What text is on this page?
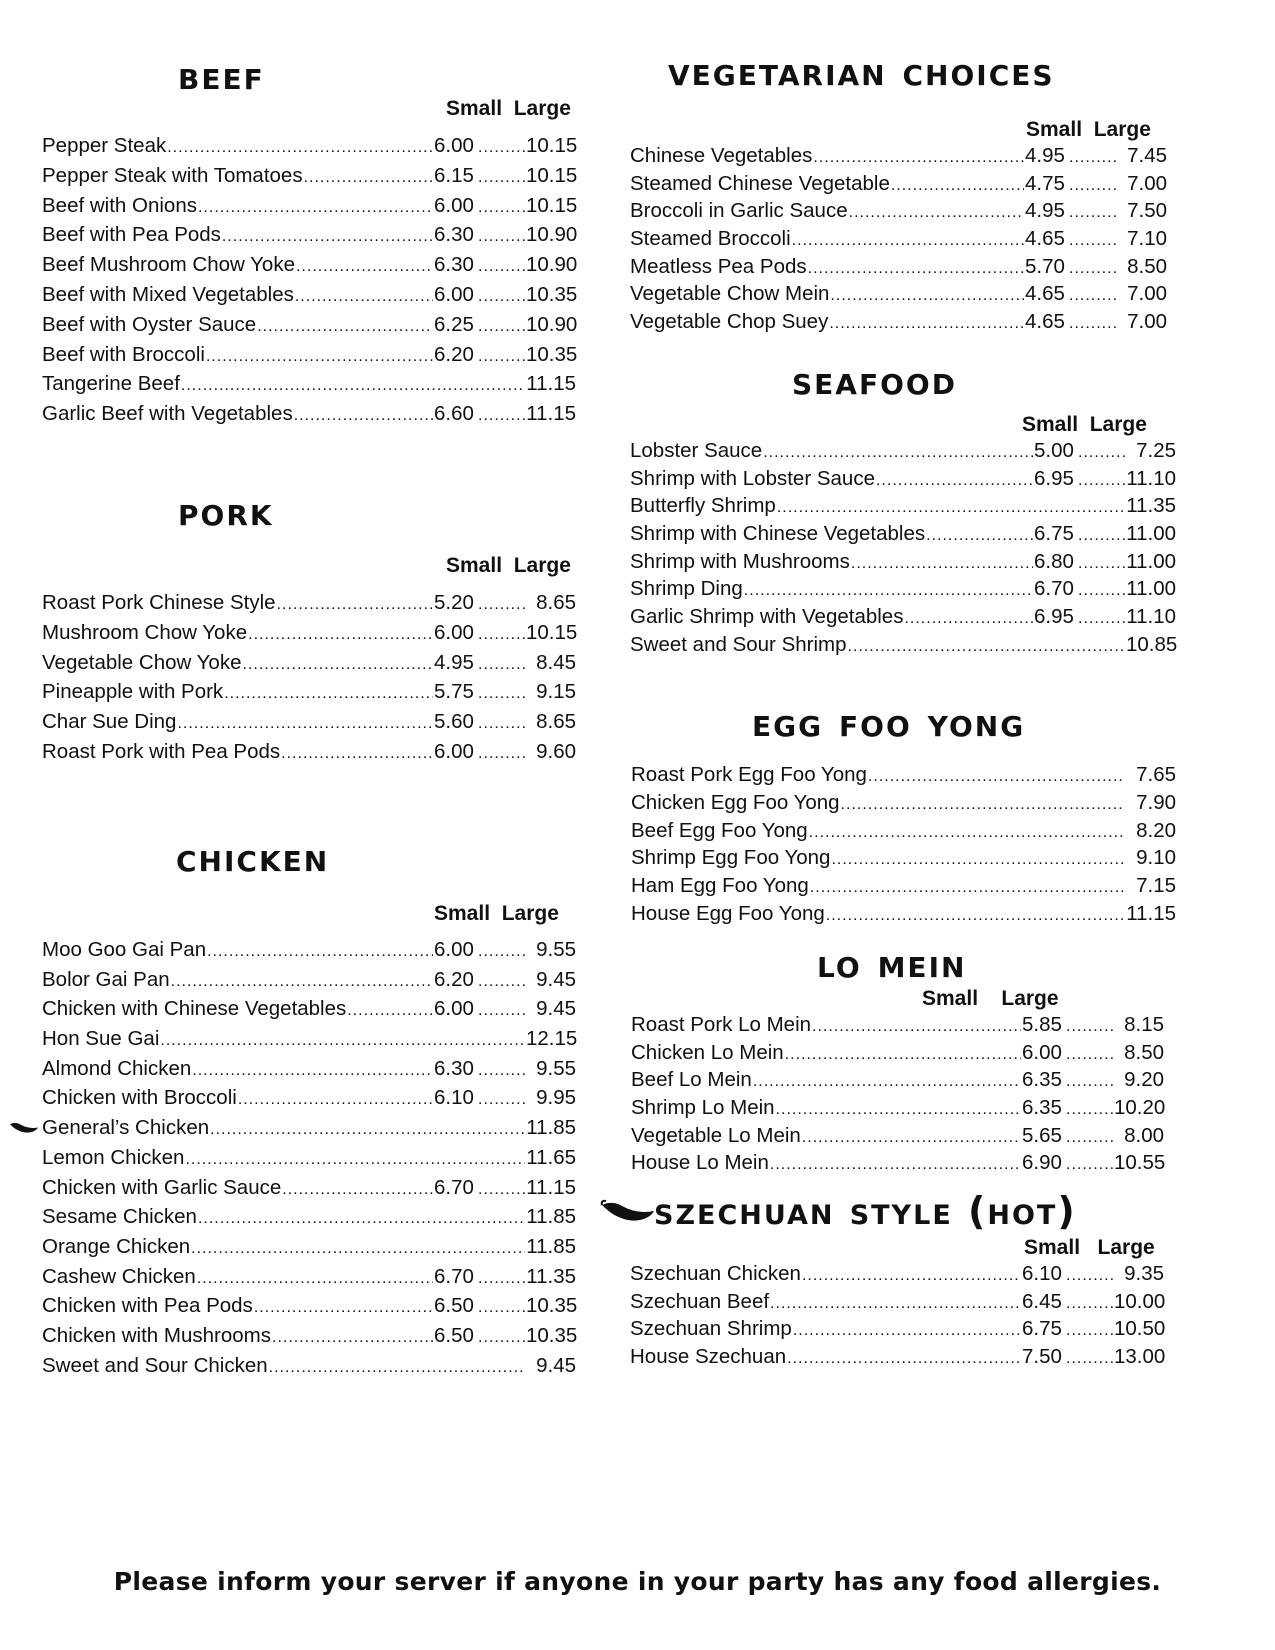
beef
Small Large
Pepper Steak .....	6.00 .....	10.15
Pepper Steak with Tomatoes .....	6.15 .....	10.15
Beef with Onions .....	6.00 .....	10.15
Beef with Pea Pods .....	6.30 .....	10.90
Beef Mushroom Chow Yoke .....	6.30 .....	10.90
Beef with Mixed Vegetables .....	6.00 .....	10.35
Beef with Oyster Sauce .....	6.25 .....	10.90
Beef with Broccoli .....	6.20 .....	10.35
Tangerine Beef .....	11.15
Garlic Beef with Vegetables .....	6.60 .....	11.15
pork
Small Large
Roast Pork Chinese Style .....	5.20 .....	8.65
Mushroom Chow Yoke .....	6.00 .....	10.15
Vegetable Chow Yoke .....	4.95 .....	8.45
Pineapple with Pork .....	5.75 .....	9.15
Char Sue Ding .....	5.60 .....	8.65
Roast Pork with Pea Pods .....	6.00 .....	9.60
chicken
Small Large
Moo Goo Gai Pan .....	6.00 .....	9.55
Bolor Gai Pan .....	6.20 .....	9.45
Chicken with Chinese Vegetables .....	6.00 .....	9.45
Hon Sue Gai .....	12.15
Almond Chicken .....	6.30 .....	9.55
Chicken with Broccoli .....	6.10 .....	9.95
General’s Chicken .....	11.85
Lemon Chicken .....	11.65
Chicken with Garlic Sauce .....	6.70 .....	11.15
Sesame Chicken .....	11.85
Orange Chicken .....	11.85
Cashew Chicken .....	6.70 .....	11.35
Chicken with Pea Pods .....	6.50 .....	10.35
Chicken with Mushrooms .....	6.50 .....	10.35
Sweet and Sour Chicken .....	9.45
vegetarian choices
Small Large
Chinese Vegetables .....	4.95 .....	7.45
Steamed Chinese Vegetable .....	4.75 .....	7.00
Broccoli in Garlic Sauce .....	4.95 .....	7.50
Steamed Broccoli .....	4.65 .....	7.10
Meatless Pea Pods .....	5.70 .....	8.50
Vegetable Chow Mein .....	4.65 .....	7.00
Vegetable Chop Suey .....	4.65 .....	7.00
seafood
Small Large
Lobster Sauce .....	5.00 .....	7.25
Shrimp with Lobster Sauce .....	6.95 .....	11.10
Butterfly Shrimp .....	11.35
Shrimp with Chinese Vegetables .....	6.75 .....	11.00
Shrimp with Mushrooms .....	6.80 .....	11.00
Shrimp Ding .....	6.70 .....	11.00
Garlic Shrimp with Vegetables .....	6.95 .....	11.10
Sweet and Sour Shrimp .....	10.85
egg foo yong
Roast Pork Egg Foo Yong .....	7.65
Chicken Egg Foo Yong .....	7.90
Beef Egg Foo Yong .....	8.20
Shrimp Egg Foo Yong .....	9.10
Ham Egg Foo Yong .....	7.15
House Egg Foo Yong .....	11.15
lo mein
Small Large
Roast Pork Lo Mein .....	5.85 .....	8.15
Chicken Lo Mein .....	6.00 .....	8.50
Beef Lo Mein .....	6.35 .....	9.20
Shrimp Lo Mein .....	6.35 .....	10.20
Vegetable Lo Mein .....	5.65 .....	8.00
House Lo Mein .....	6.90 .....	10.55
szechuan style (hot)
Small Large
Szechuan Chicken .....	6.10 .....	9.35
Szechuan Beef .....	6.45 .....	10.00
Szechuan Shrimp .....	6.75 .....	10.50
House Szechuan .....	7.50 .....	13.00
Please inform your server if anyone in your party has any food allergies.
